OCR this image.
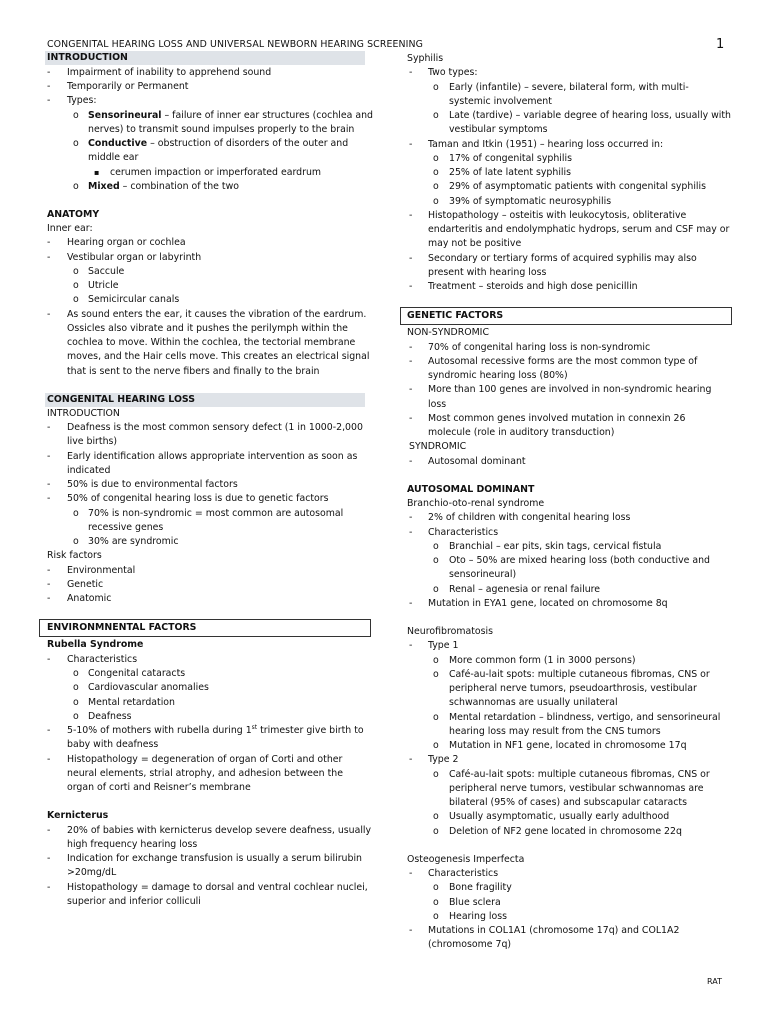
CONGENITAL HEARING LOSS AND UNIVERSAL NEWBORN HEARING SCREENING	1
RAT
INTRODUCTION
- Impairment of inability to apprehend sound
- Temporarily or Permanent
- Types:
o Sensorineural – failure of inner ear structures (cochlea and
nerves) to transmit sound impulses properly to the brain
o Conductive – obstruction of disorders of the outer and
middle ear
▪ cerumen impaction or imperforated eardrum
o Mixed – combination of the two
ANATOMY
Inner ear:
- Hearing organ or cochlea
- Vestibular organ or labyrinth
o Saccule
o Utricle
o Semicircular canals
- As sound enters the ear, it causes the vibration of the eardrum.
Ossicles also vibrate and it pushes the perilymph within the
cochlea to move. Within the cochlea, the tectorial membrane
moves, and the Hair cells move. This creates an electrical signal
that is sent to the nerve fibers and finally to the brain
CONGENITAL HEARING LOSS
INTRODUCTION
- Deafness is the most common sensory defect (1 in 1000-2,000
live births)
- Early identification allows appropriate intervention as soon as
indicated
- 50% is due to environmental factors
- 50% of congenital hearing loss is due to genetic factors
o 70% is non-syndromic = most common are autosomal
recessive genes
o 30% are syndromic
Risk factors
- Environmental
- Genetic
- Anatomic
ENVIRONMNENTAL FACTORS
Rubella Syndrome
- Characteristics
o Congenital cataracts
o Cardiovascular anomalies
o Mental retardation
o Deafness
- 5-10% of mothers with rubella during 1st trimester give birth to
baby with deafness
- Histopathology = degeneration of organ of Corti and other
neural elements, strial atrophy, and adhesion between the
organ of corti and Reisner’s membrane
Kernicterus
- 20% of babies with kernicterus develop severe deafness, usually
high frequency hearing loss
- Indication for exchange transfusion is usually a serum bilirubin
>20mg/dL
- Histopathology = damage to dorsal and ventral cochlear nuclei,
superior and inferior colliculi
Syphilis
- Two types:
o Early (infantile) – severe, bilateral form, with multi-
systemic involvement
o Late (tardive) – variable degree of hearing loss, usually with
vestibular symptoms
- Taman and Itkin (1951) – hearing loss occurred in:
o 17% of congenital syphilis
o 25% of late latent syphilis
o 29% of asymptomatic patients with congenital syphilis
o 39% of symptomatic neurosyphilis
- Histopathology – osteitis with leukocytosis, obliterative
endarteritis and endolymphatic hydrops, serum and CSF may or
may not be positive
- Secondary or tertiary forms of acquired syphilis may also
present with hearing loss
- Treatment – steroids and high dose penicillin
GENETIC FACTORS
NON-SYNDROMIC
- 70% of congenital haring loss is non-syndromic
- Autosomal recessive forms are the most common type of
syndromic hearing loss (80%)
- More than 100 genes are involved in non-syndromic hearing
loss
- Most common genes involved mutation in connexin 26
molecule (role in auditory transduction)
SYNDROMIC
- Autosomal dominant
AUTOSOMAL DOMINANT
Branchio-oto-renal syndrome
- 2% of children with congenital hearing loss
- Characteristics
o Branchial – ear pits, skin tags, cervical fistula
o Oto – 50% are mixed hearing loss (both conductive and
sensorineural)
o Renal – agenesia or renal failure
- Mutation in EYA1 gene, located on chromosome 8q
Neurofibromatosis
- Type 1
o More common form (1 in 3000 persons)
o Café-au-lait spots: multiple cutaneous fibromas, CNS or
peripheral nerve tumors, pseudoarthrosis, vestibular
schwannomas are usually unilateral
o Mental retardation – blindness, vertigo, and sensorineural
hearing loss may result from the CNS tumors
o Mutation in NF1 gene, located in chromosome 17q
- Type 2
o Café-au-lait spots: multiple cutaneous fibromas, CNS or
peripheral nerve tumors, vestibular schwannomas are
bilateral (95% of cases) and subscapular cataracts
o Usually asymptomatic, usually early adulthood
o Deletion of NF2 gene located in chromosome 22q
Osteogenesis Imperfecta
- Characteristics
o Bone fragility
o Blue sclera
o Hearing loss
- Mutations in COL1A1 (chromosome 17q) and COL1A2
(chromosome 7q)
